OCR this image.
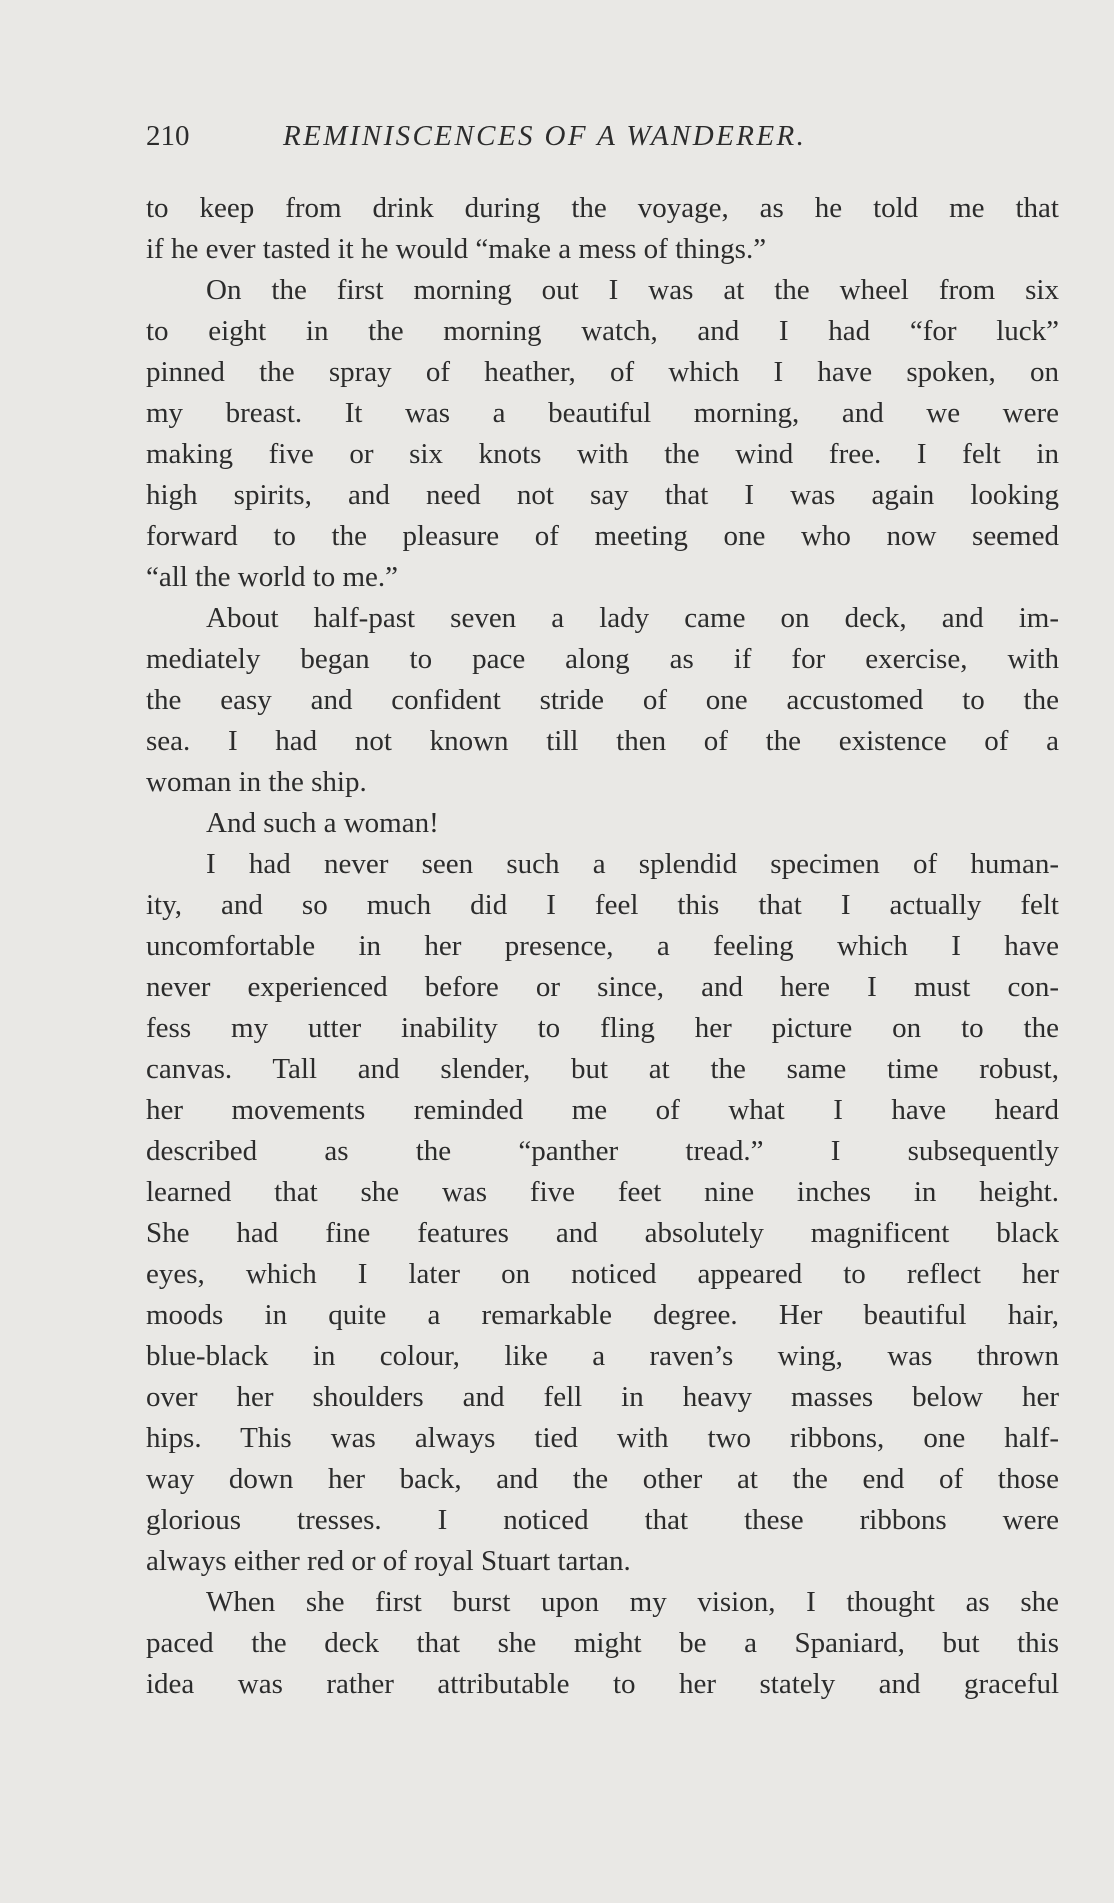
210	REMINISCENCES OF A WANDERER.
to keep from drink during the voyage, as he told me that
if he ever tasted it he would “make a mess of things.”
On the first morning out I was at the wheel from six
to eight in the morning watch, and I had “for luck”
pinned the spray of heather, of which I have spoken, on
my breast. It was a beautiful morning, and we were
making five or six knots with the wind free. I felt in
high spirits, and need not say that I was again looking
forward to the pleasure of meeting one who now seemed
“all the world to me.”
About half-past seven a lady came on deck, and im-
mediately began to pace along as if for exercise, with
the easy and confident stride of one accustomed to the
sea. I had not known till then of the existence of a
woman in the ship.
And such a woman!
I had never seen such a splendid specimen of human-
ity, and so much did I feel this that I actually felt
uncomfortable in her presence, a feeling which I have
never experienced before or since, and here I must con-
fess my utter inability to fling her picture on to the
canvas. Tall and slender, but at the same time robust,
her movements reminded me of what I have heard
described as the “panther tread.” I subsequently
learned that she was five feet nine inches in height.
She had fine features and absolutely magnificent black
eyes, which I later on noticed appeared to reflect her
moods in quite a remarkable degree. Her beautiful hair,
blue-black in colour, like a raven’s wing, was thrown
over her shoulders and fell in heavy masses below her
hips. This was always tied with two ribbons, one half-
way down her back, and the other at the end of those
glorious tresses. I noticed that these ribbons were
always either red or of royal Stuart tartan.
When she first burst upon my vision, I thought as she
paced the deck that she might be a Spaniard, but this
idea was rather attributable to her stately and graceful
